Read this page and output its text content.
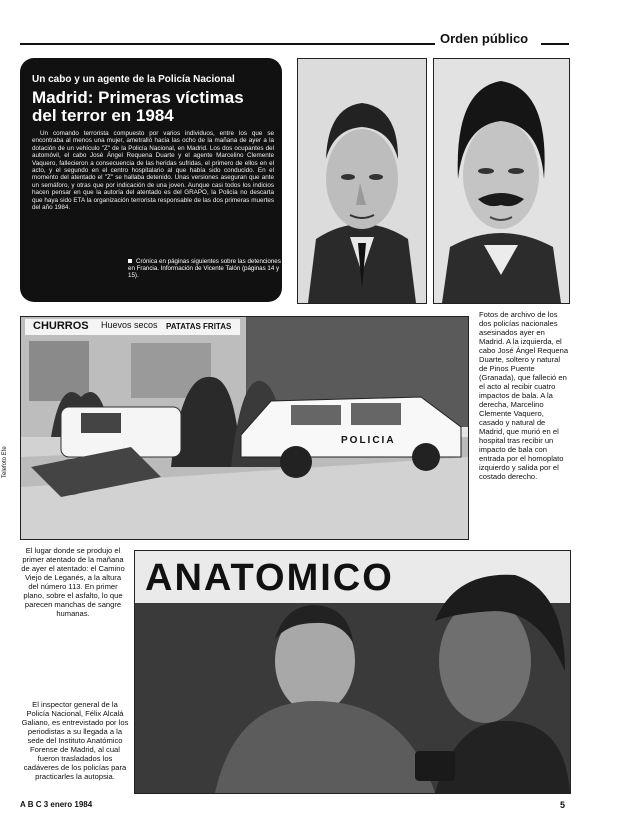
Orden público
Un cabo y un agente de la Policía Nacional
Madrid: Primeras víctimas
del terror en 1984

Un comando terrorista compuesto por varios individuos, entre los que se encontraba al menos una mujer, ametralló hacia las ocho de la mañana de ayer a la dotación de un vehículo "Z" de la Policía Nacional, en Madrid. Los dos ocupantes del automóvil, el cabo José Ángel Requena Duarte y el agente Marcelino Clemente Vaquero, fallecieron a consecuencia de las heridas sufridas, el primero de ellos en el acto, y el segundo en el centro hospitalario al que había sido conducido. En el momento del atentado el "Z" se hallaba detenido. Unas versiones aseguran que ante un semáforo, y otras que por indicación de una joven. Aunque casi todos los indicios hacen pensar en que la autoría del atentado es del GRAPO, la Policía no descarta que haya sido ETA la organización terrorista responsable de las dos primeras muertes del año 1984.

Crónica en páginas siguientes sobre las detenciones en Francia. Información de Vicente Talón (páginas 14 y 15).
CHURROS Huevos secos PATATAS FRITAS
POLICIA
Telefoto Efe
Fotos de archivo de los dos policías nacionales asesinados ayer en Madrid. A la izquierda, el cabo José Ángel Requena Duarte, soltero y natural de Pinos Puente (Granada), que falleció en el acto al recibir cuatro impactos de bala. A la derecha, Marcelino Clemente Vaquero, casado y natural de Madrid, que murió en el hospital tras recibir un impacto de bala con entrada por el homoplato izquierdo y salida por el costado derecho.
El lugar donde se produjo el primer atentado de la mañana de ayer el atentado: el Camino Viejo de Leganés, a la altura del número 113. En primer plano, sobre el asfalto, lo que parecen manchas de sangre humanas.
ANATOMICO
El inspector general de la Policía Nacional, Félix Alcalá Galiano, es entrevistado por los periodistas a su llegada a la sede del Instituto Anatómico Forense de Madrid, al cual fueron trasladados los cadáveres de los policías para practicarles la autopsia.
A B C 3 enero 1984	5
